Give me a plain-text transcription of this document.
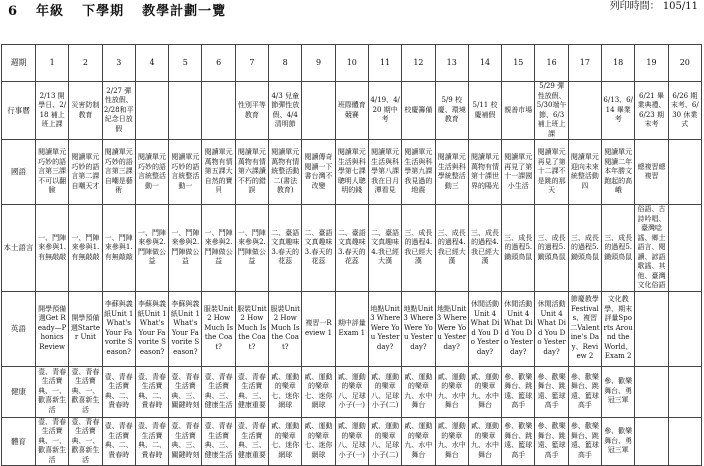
6 年級 下學期 教學計劃一覽	列印時間： 105/11
週期	1	2	3	4	5	6	7	8	9	10	11	12	13	14	15	16	17	18	19	20
行事曆	2/13 開學日、2/18 補上班上課	災害防制教育	2/27 彈性放假、2/28和平紀念日放假				性別平等教育	4/3 兒童節彈性放假、4/4清明節		班際體育競賽	4/19、4/20 期中考	校慶籌備	5/9 校慶、環境教育	5/11 校慶補假	親善市場	5/29 彈性放假、5/30端午節、6/3補上班上課		6/13、6/14 畢業考	6/21 畢業典禮、6/23 期末考	6/26 期末考、6/30 休業式
國語	閱讀單元巧妙的語言第三課不可以翻臉	閱讀單元巧妙的語言第二課自嘲天才	閱讀單元巧妙的語言第三課自嘲是藝術	閱讀單元巧妙的語言統整活動一	閱讀單元巧妙的語言統整活動一	閱讀單元萬物有情第五課大自然的寶貝	閱讀單元萬物有情第六課讀不朽的錯誤	閱讀單元萬物有情統整活動二(書法教育)	閱讀傳奇閱讀一下書台灣不改變	閱讀單元生活與科學第七課聰明人聰明的錢	閱讀單元生活與科學第八課我在日月潭看見	閱讀單元生活與科學第九課我見過的地震	閱讀單元生活與科學統整活動三	閱讀單元萬物有情第十課世界的陽光	閱讀單元再見了第十一課國小生活	閱讀單元再見了第十二課不是跳的那天	閱讀單元迎向未來統整活動四	閱讀單元閱讀二年本年勝文跑起的高峨	總複習總複習	
本土語言	一、鬥陣來參與1.有無敲敲	一、鬥陣來參與1.有無敲敲	一、鬥陣來參與1.有無敲敲	一、鬥陣來參與2.鬥陣做公益	一、鬥陣來參與2.鬥陣做公益	一、鬥陣來參與2.鬥陣做公益	一、鬥陣來參與2.鬥陣做公益	二、臺語文真趣味3.春天的花蕊	二、臺語文真趣味3.春天的花蕊	二、臺語文真趣味3.春天的花蕊	二、臺語文真趣味4.我已經大漢	三、成長的過程4.我已經大漢	三、成長的過程4.我已經大漢	三、成長的過程4.我已經大漢	三、成長的過程5.鋤頭鳥鼠	三、成長的過程5.鋤頭鳥鼠	三、成長的過程5.鋤頭鳥鼠	三、成長的過程5.鋤頭鳥鼠	俗語、古詩吟唱、臺灣唸謠、鄉土語言、閱讀、諺語歌謠、其他、臺灣文化俗語	
英語	開學預備週Get Ready—Phonics Review	開學預備週Starter Unit	李蘇與義紙Unit 1 What's Your Favorite Season?	李蘇與義紙Unit 1 What's Your Favorite Season?	李蘇與義紙Unit 1 What's Your Favorite Season?	服裝Unit 2 How Much Is the Coat?	服裝Unit 2 How Much Is the Coat?	服裝Unit 2 How Much Is the Coat?	複習一Review 1	期中評量Exam 1	地點Unit 3 Where Were You Yesterday?	地點Unit 3 Where Were You Yesterday?	地點Unit 3 Where Were You Yesterday?	休閒活動Unit 4 What Did You Do Yesterday?	休閒活動Unit 4 What Did You Do Yesterday?	休閒活動Unit 4 What Did You Do Yesterday?	節慶教學Festivals、複習二Valentine's Day、Review 2	文化教學、期末評量Sports Around the World、Exam 2		
健康	壹、青春生活寶典、一、歡喜新生活	壹、青春生活寶典、一、歡喜新生活	壹、青春生活寶典、二、貴春時	壹、青春生活寶典、二、貴春時	壹、青春生活寶典、三、關鍵時刻	壹、青春生活寶典、三、健康生活	壹、青春生活寶典、三、健康重要	貳、運動的樂章七、迷你網球	貳、運動的樂章七、迷你網球	貳、運動的樂章八、足球小子(一)	貳、運動的樂章八、足球小子(二)	貳、運動的樂章九、水中舞台	貳、運動的樂章九、水中舞台	貳、運動的樂章九、水中舞台	參、歡樂舞台、跳遠、籃球高手	參、歡樂舞台、跳遠、籃球高手	參、歡樂舞台、跳遠、籃球高手	參、歡樂舞台、勇冠三軍		
體育	壹、青春生活寶典、一、歡喜新生活	壹、青春生活寶典、一、歡喜新生活	壹、青春生活寶典、二、貴春時	壹、青春生活寶典、二、貴春時	壹、青春生活寶典、三、關鍵時刻	壹、青春生活寶典、三、健康生活	壹、青春生活寶典、三、健康重要	貳、運動的樂章七、迷你網球	貳、運動的樂章七、迷你網球	貳、運動的樂章八、足球小子(一)	貳、運動的樂章八、足球小子(二)	貳、運動的樂章九、水中舞台	貳、運動的樂章九、水中舞台	貳、運動的樂章九、水中舞台	參、歡樂舞台、跳遠、籃球高手	參、歡樂舞台、跳遠、籃球高手	參、歡樂舞台、跳遠、籃球高手	參、歡樂舞台、勇冠三軍		
